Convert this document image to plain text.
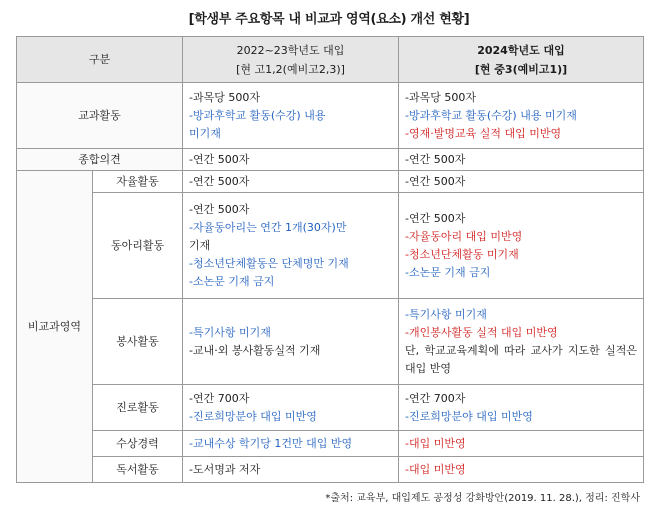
[학생부 주요항목 내 비교과 영역(요소) 개선 현황]
구분		2022~23학년도 대입
[현 고1,2(예비고2,3)]	2024학년도 대입
[현 중3(예비고1)]

교과활동		-과목당 500자
-방과후학교 활동(수강) 내용
미기재	-과목당 500자
-방과후학교 활동(수강) 내용 미기재
-영재·발명교육 실적 대입 미반영

종합의견		-연간 500자	-연간 500자

비교과영역	자율활동	-연간 500자	-연간 500자

	동아리활동	-연간 500자
-자율동아리는 연간 1개(30자)만
기재
-청소년단체활동은 단체명만 기재
-소논문 기재 금지	-연간 500자
-자율동아리 대입 미반영
-청소년단체활동 미기재
-소논문 기재 금지

	봉사활동	-특기사항 미기재
-교내·외 봉사활동실적 기재	-특기사항 미기재
-개인봉사활동 실적 대입 미반영
단, 학교교육계획에 따라 교사가 지도한 실적은 대입 반영

	진로활동	-연간 700자
-진로희망분야 대입 미반영	-연간 700자
-진로희망분야 대입 미반영

	수상경력	-교내수상 학기당 1건만 대입 반영	-대입 미반영

	독서활동	-도서명과 저자	-대입 미반영
*출처: 교육부, 대입제도 공정성 강화방안(2019. 11. 28.), 정리: 진학사
